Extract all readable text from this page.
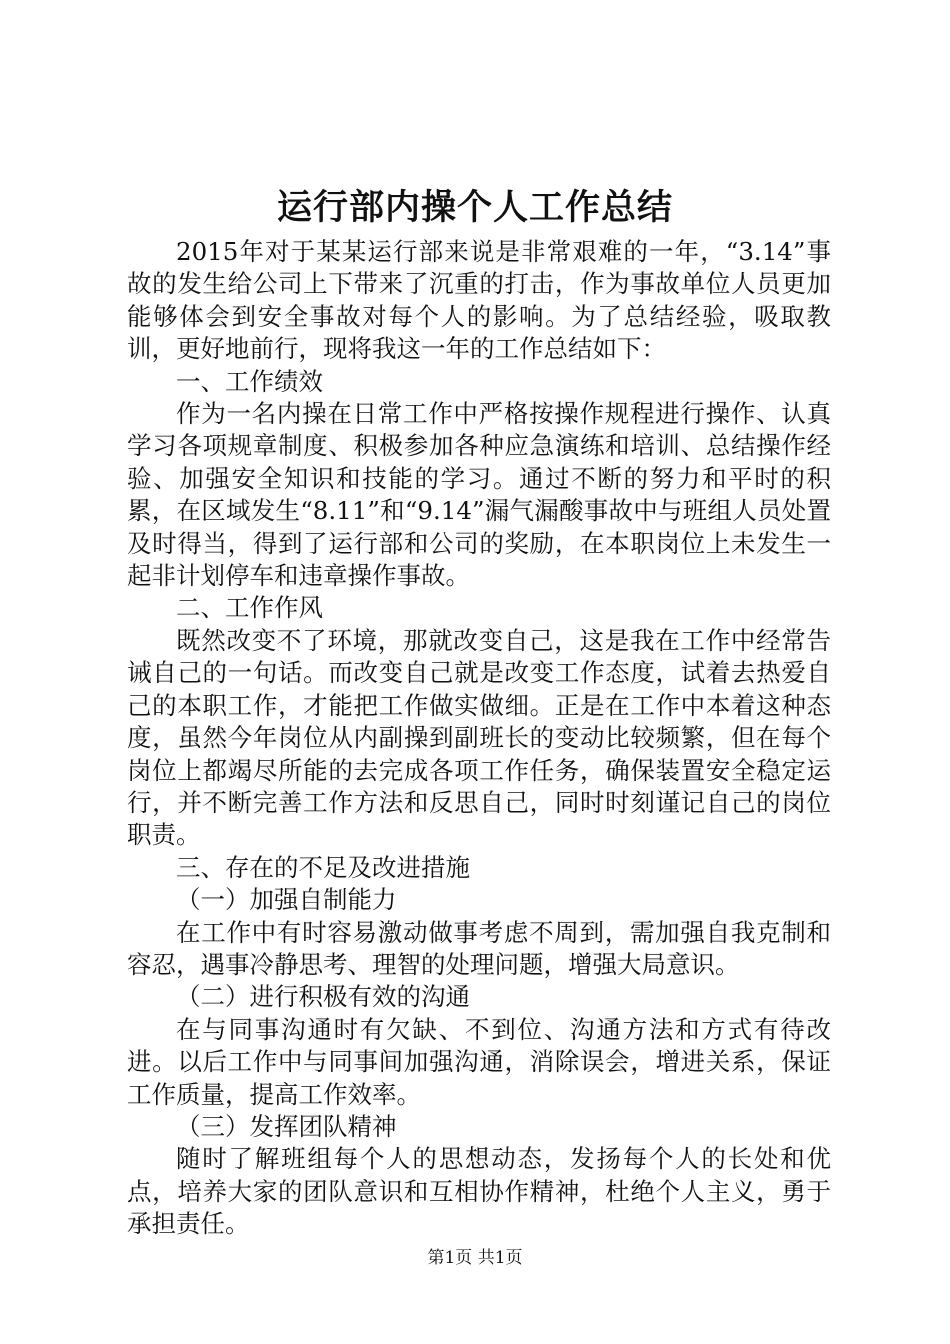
运行部内操个人工作总结

2015年对于某某运行部来说是非常艰难的一年，“3.14”事故的发生给公司上下带来了沉重的打击，作为事故单位人员更加能够体会到安全事故对每个人的影响。为了总结经验，吸取教训，更好地前行，现将我这一年的工作总结如下：

一、工作绩效

作为一名内操在日常工作中严格按操作规程进行操作、认真学习各项规章制度、积极参加各种应急演练和培训、总结操作经验、加强安全知识和技能的学习。通过不断的努力和平时的积累，在区域发生“8.11”和“9.14”漏气漏酸事故中与班组人员处置及时得当，得到了运行部和公司的奖励，在本职岗位上未发生一起非计划停车和违章操作事故。

二、工作作风

既然改变不了环境，那就改变自己，这是我在工作中经常告诫自己的一句话。而改变自己就是改变工作态度，试着去热爱自己的本职工作，才能把工作做实做细。正是在工作中本着这种态度，虽然今年岗位从内副操到副班长的变动比较频繁，但在每个岗位上都竭尽所能的去完成各项工作任务，确保装置安全稳定运行，并不断完善工作方法和反思自己，同时时刻谨记自己的岗位职责。

三、存在的不足及改进措施

（一）加强自制能力

在工作中有时容易激动做事考虑不周到，需加强自我克制和容忍，遇事冷静思考、理智的处理问题，增强大局意识。

（二）进行积极有效的沟通

在与同事沟通时有欠缺、不到位、沟通方法和方式有待改进。以后工作中与同事间加强沟通，消除误会，增进关系，保证工作质量，提高工作效率。

（三）发挥团队精神

随时了解班组每个人的思想动态，发扬每个人的长处和优点，培养大家的团队意识和互相协作精神，杜绝个人主义，勇于承担责任。

第1页 共1页
